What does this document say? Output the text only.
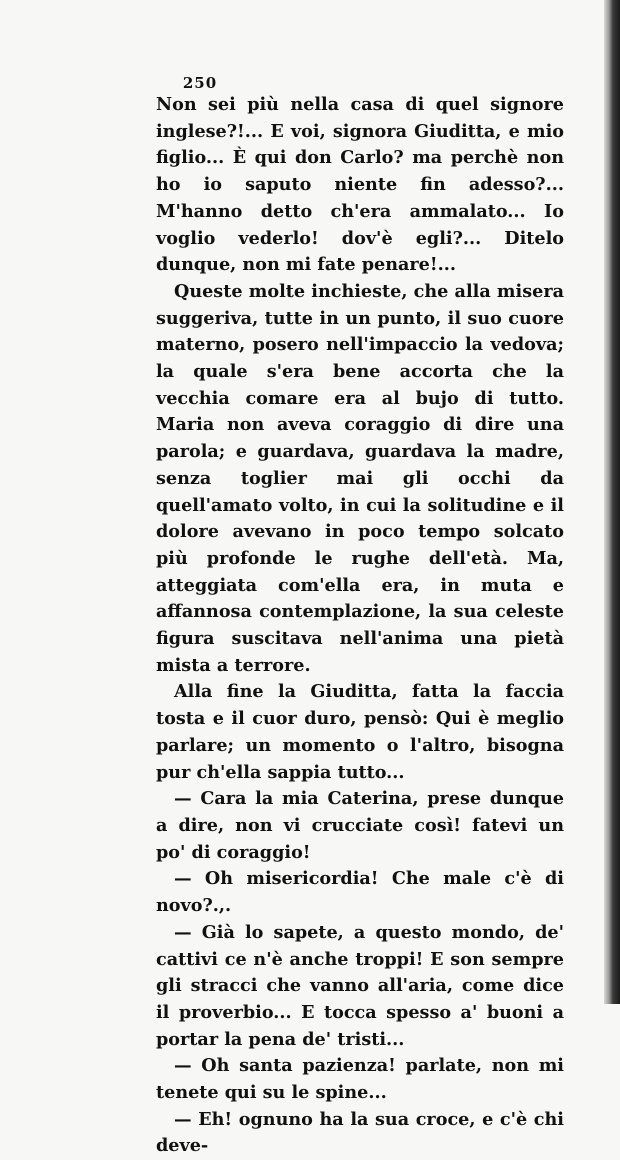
250

Non sei più nella casa di quel signore inglese?!... E voi, signora Giuditta, e mio figlio... È qui don Carlo? ma perchè non ho io saputo niente fin adesso?... M'hanno detto ch'era ammalato... Io voglio vederlo! dov'è egli?... Ditelo dunque, non mi fate penare!...

Queste molte inchieste, che alla misera suggeriva, tutte in un punto, il suo cuore materno, posero nell'impaccio la vedova; la quale s'era bene accorta che la vecchia comare era al bujo di tutto. Maria non aveva coraggio di dire una parola; e guardava, guardava la madre, senza toglier mai gli occhi da quell'amato volto, in cui la solitudine e il dolore avevano in poco tempo solcato più profonde le rughe dell'età. Ma, atteggiata com'ella era, in muta e affannosa contemplazione, la sua celeste figura suscitava nell'anima una pietà mista a terrore.

Alla fine la Giuditta, fatta la faccia tosta e il cuor duro, pensò: Qui è meglio parlare; un momento o l'altro, bisogna pur ch'ella sappia tutto...

— Cara la mia Caterina, prese dunque a dire, non vi crucciate così! fatevi un po' di coraggio!

— Oh misericordia! Che male c'è di novo?.,.

— Già lo sapete, a questo mondo, de' cattivi ce n'è anche troppi! E son sempre gli stracci che vanno all'aria, come dice il proverbio... E tocca spesso a' buoni a portar la pena de' tristi...

— Oh santa pazienza! parlate, non mi tenete qui su le spine...

— Eh! ognuno ha la sua croce, e c'è chi deve-
